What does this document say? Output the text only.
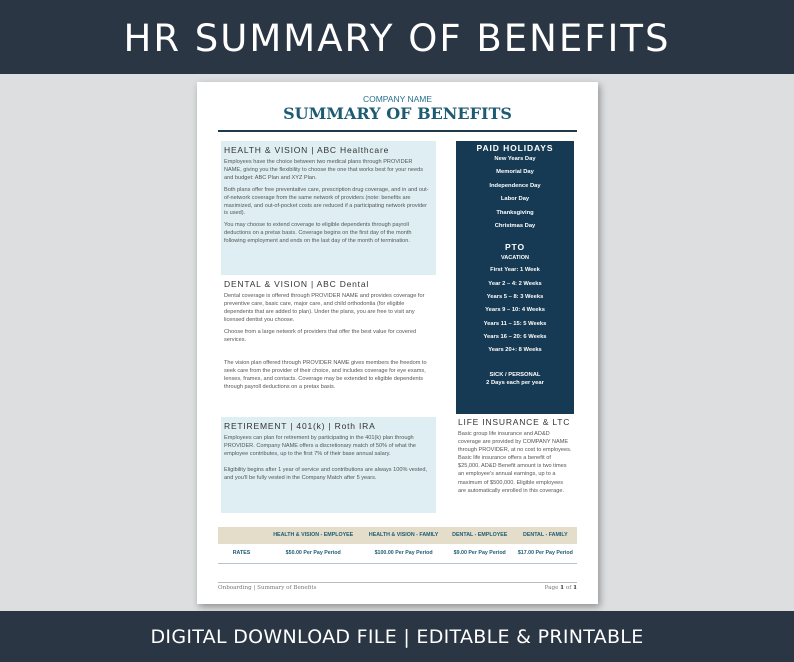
HR SUMMARY OF BENEFITS
COMPANY NAME
SUMMARY OF BENEFITS
HEALTH & VISION | ABC Healthcare
Employees have the choice between two medical plans through PROVIDER NAME, giving you the flexibility to choose the one that works best for your needs and budget: ABC Plan and XYZ Plan.
Both plans offer free preventative care, prescription drug coverage, and in and out-of-network coverage from the same network of providers (note: benefits are maximized, and out-of-pocket costs are reduced if a participating network provider is used).
You may choose to extend coverage to eligible dependents through payroll deductions on a pretax basis. Coverage begins on the first day of the month following employment and ends on the last day of the month of termination.
DENTAL & VISION | ABC Dental
Dental coverage is offered through PROVIDER NAME and provides coverage for preventive care, basic care, major care, and child orthodontia (for eligible dependents that are added to plan). Under the plans, you are free to visit any licensed dentist you choose.
Choose from a large network of providers that offer the best value for covered services.
The vision plan offered through PROVIDER NAME gives members the freedom to seek care from the provider of their choice, and includes coverage for eye exams, lenses, frames, and contacts. Coverage may be extended to eligible dependents through payroll deductions on a pretax basis.
RETIREMENT | 401(k) | Roth IRA
Employees can plan for retirement by participating in the 401(k) plan through PROVIDER. Company NAME offers a discretionary match of 50% of what the employee contributes, up to the first 7% of their base annual salary.
Eligibility begins after 1 year of service and contributions are always 100% vested, and you'll be fully vested in the Company Match after 5 years.
PAID HOLIDAYS
New Years Day
Memorial Day
Independence Day
Labor Day
Thanksgiving
Christmas Day
PTO
VACATION
First Year: 1 Week
Year 2 – 4: 2 Weeks
Years 5 – 8: 3 Weeks
Years 9 – 10: 4 Weeks
Years 11 – 15: 5 Weeks
Years 16 – 20: 6 Weeks
Years 20+: 8 Weeks
SICK / PERSONAL
2 Days each per year
LIFE INSURANCE & LTC
Basic group life insurance and AD&D coverage are provided by COMPANY NAME through PROVIDER, at no cost to employees. Basic life insurance offers a benefit of $25,000. AD&D Benefit amount is two times an employee's annual earnings, up to a maximum of $500,000. Eligible employees are automatically enrolled in this coverage.
	HEALTH & VISION - EMPLOYEE	HEALTH & VISION - FAMILY	DENTAL - EMPLOYEE	DENTAL - FAMILY
RATES	$50.00 Per Pay Period	$100.00 Per Pay Period	$9.00 Per Pay Period	$17.00 Per Pay Period
Onboarding | Summary of Benefits	Page 1 of 1
DIGITAL DOWNLOAD FILE | EDITABLE & PRINTABLE
